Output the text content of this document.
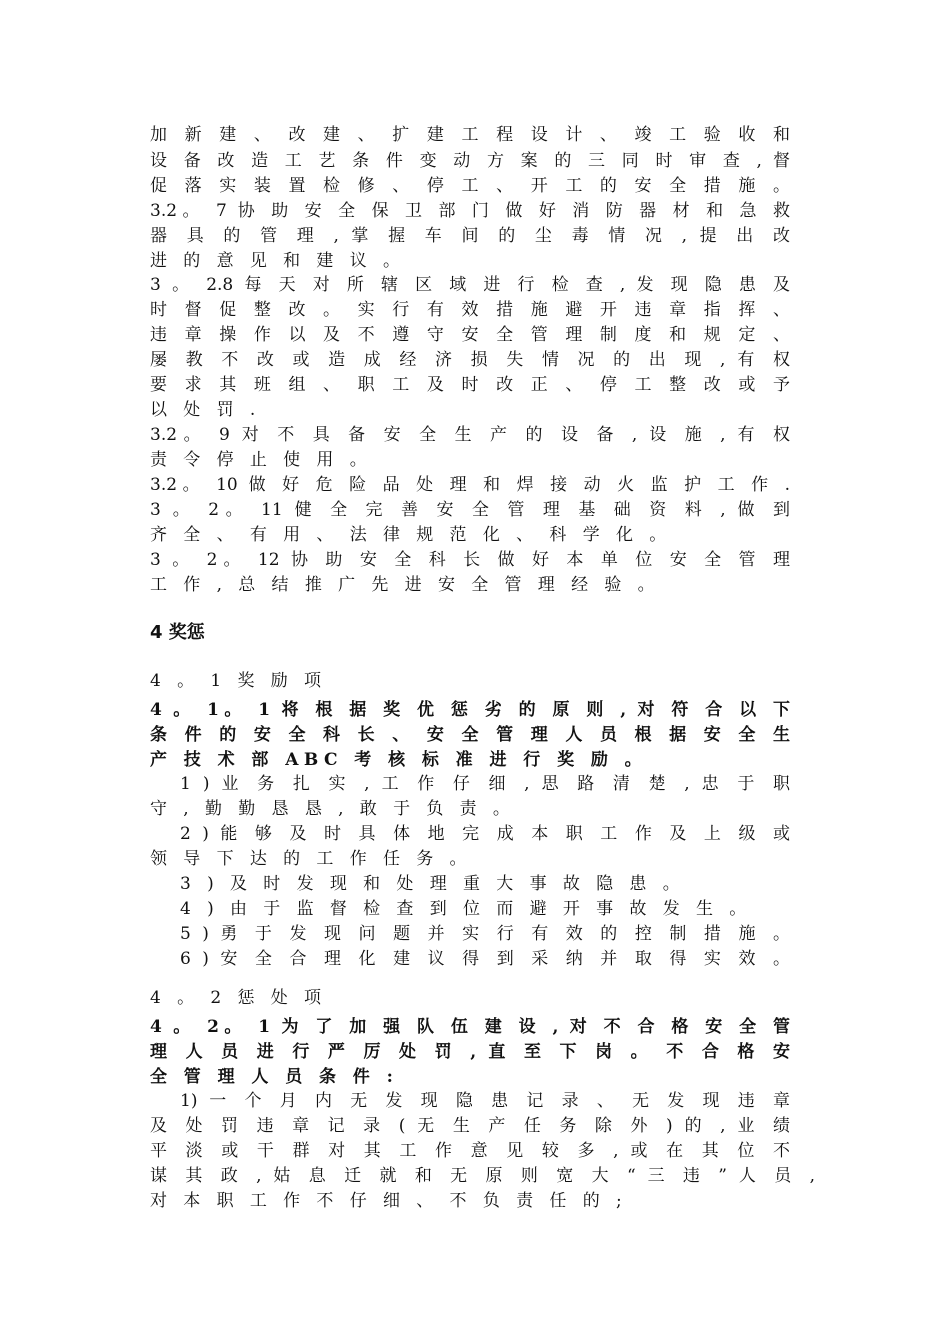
加 新 建 、 改 建 、 扩 建 工 程 设 计 、 竣 工 验 收 和
设 备 改 造 工 艺 条 件 变 动 方 案 的 三 同 时 审 查 , 督
促 落 实 装 置 检 修 、 停 工 、 开 工 的 安 全 措 施 。
3.2。 7 协 助 安 全 保 卫 部 门 做 好 消 防 器 材 和 急 救
器 具 的 管 理 , 掌 握 车 间 的 尘 毒 情 况 , 提 出 改
进 的 意 见 和 建 议 。
3 。 2.8 每 天 对 所 辖 区 域 进 行 检 查 , 发 现 隐 患 及
时 督 促 整 改 。 实 行 有 效 措 施 避 开 违 章 指 挥 、
违 章 操 作 以 及 不 遵 守 安 全 管 理 制 度 和 规 定 、
屡 教 不 改 或 造 成 经 济 损 失 情 况 的 出 现 , 有 权
要 求 其 班 组 、 职 工 及 时 改 正 、 停 工 整 改 或 予
以 处 罚 .
3.2。 9 对 不 具 备 安 全 生 产 的 设 备 , 设 施 , 有 权
责 令 停 止 使 用 。
3.2。 10 做 好 危 险 品 处 理 和 焊 接 动 火 监 护 工 作 .
3 。 2。 11 健 全 完 善 安 全 管 理 基 础 资 料 , 做 到
齐 全 、 有 用 、 法 律 规 范 化 、 科 学 化 。
3 。 2。 12 协 助 安 全 科 长 做 好 本 单 位 安 全 管 理
工 作 , 总 结 推 广 先 进 安 全 管 理 经 验 。
4 奖惩
4 。 1 奖 励 项
4 。 1。 1 将 根 据 奖 优 惩 劣 的 原 则 , 对 符 合 以 下
条 件 的 安 全 科 长 、 安 全 管 理 人 员 根 据 安 全 生
产 技 术 部 ABC 考 核 标 准 进 行 奖 励 。
1 ) 业 务 扎 实 , 工 作 仔 细 , 思 路 清 楚 , 忠 于 职
守 , 勤 勤 恳 恳 , 敢 于 负 责 。
2 ) 能 够 及 时 具 体 地 完 成 本 职 工 作 及 上 级 或
领 导 下 达 的 工 作 任 务 。
3 ) 及 时 发 现 和 处 理 重 大 事 故 隐 患 。
4 ) 由 于 监 督 检 查 到 位 而 避 开 事 故 发 生 。
5 ) 勇 于 发 现 问 题 并 实 行 有 效 的 控 制 措 施 。
6 ) 安 全 合 理 化 建 议 得 到 采 纳 并 取 得 实 效 。
4 。 2 惩 处 项
4 。 2。 1 为 了 加 强 队 伍 建 设 , 对 不 合 格 安 全 管
理 人 员 进 行 严 厉 处 罚 , 直 至 下 岗 。 不 合 格 安
全 管 理 人 员 条 件 :
1) 一 个 月 内 无 发 现 隐 患 记 录 、 无 发 现 违 章
及 处 罚 违 章 记 录 ( 无 生 产 任 务 除 外 ) 的 , 业 绩
平 淡 或 干 群 对 其 工 作 意 见 较 多 , 或 在 其 位 不
谋 其 政 , 姑 息 迁 就 和 无 原 则 宽 大 “ 三 违 ” 人 员 ,
对 本 职 工 作 不 仔 细 、 不 负 责 任 的 ;
